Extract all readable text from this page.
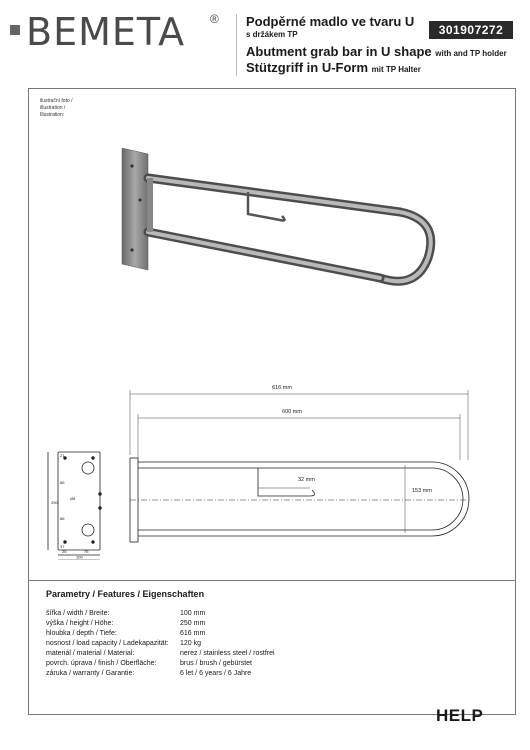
BEMETA ® Podpěrné madlo ve tvaru U
s držákem TP
Abutment grab bar in U shape with and TP holder
Stützgriff in U-Form mit TP Halter
301907272
ilustrační foto /
illustration /
Illustration:
21
86
250
86
37
25	75
100
Ø8
616 mm
600 mm
153 mm
32 mm
Parametry / Features / Eigenschaften
šířka / width / Breite:	100 mm
výška / height / Höhe:	250 mm
hloubka / depth / Tiefe:	616 mm
nosnost / load capacity / Ladekapazität: 120 kg
materiál / material / Material:	nerez / stainless steel / rostfrei
povrch. úprava / finish / Oberfläche:	brus / brush / gebürstet
záruka / warranty / Garantie:	6 let / 6 years / 6 Jahre
HELP
